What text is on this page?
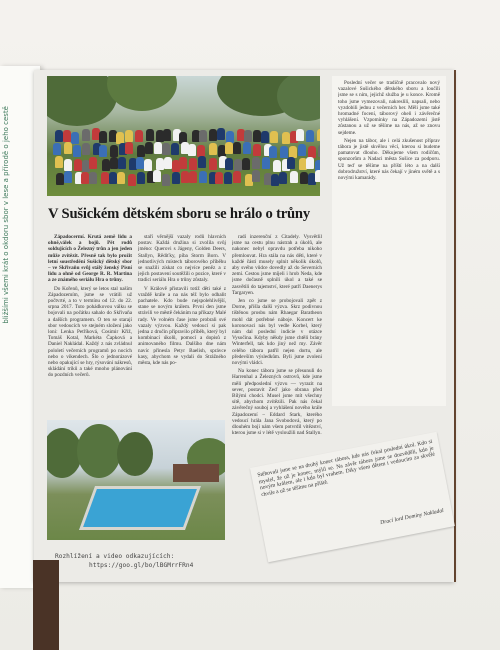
bližšími všemi krát o okdoru sbor v lese a přírodě o jeho cestě	V Sušickém dětském sboru se hrálo o trůny

Západocermí. Krutá země lidu a ohně,válek a bojů. Pět rodů soldujících o Železný trůn a jen jeden může zvítězit. Přesně tak bylo prožit letní soustředění Sušický dětský sbor – ve Skřivaňu svůj stálý ženský Pisní lidu a ohně od George R. R. Martina a ze známého seriálu Hra o trůny.

Do Kořenů, který se letos stal naším Západozemím, jsme se vrátili už počtvrté, a to v termínu od 12. do 22. srpna 2017. Tuto pohádkovou válku se bojovali na počátku sahalo do Skřivaňa a dalších programem. O ten se starají sbor vedoucích ve stejném složení jako loni: Lenka Petříková, Cosimir Křiž, Tomáš Kotal, Markéta Čapková a Daniel Nakládal. Každý z nás zvládnul pololetí večerních programů po nocích nebo o víkendech. Šlo o jednorázové nebo opakující se hry, rýsování nákresů, skládání triků a také mnoho plánování do pozdních večerů.

staří věrnější vazaly rodů hlavních postav. Každá družina si zvolila svůj jméno: Querovi s Jágeny, Golden Deers, Stallyn, Rědiťky, píba Storm Born. V jednotlivých místech táborového příběhu se snažili získat co nejvíce peněz a z jejich postavení soutěžili o pozice, které v tradici seriálu Hra o trůny zůstaly.

V Králově přistavili totiž děti také z vraždě krále a na nás též bylo odhalit pachatele. Kdo bude nejspolehlivější, stane se novým králem. První den jsme strávili ve městě čekáním na příkazy Malé rady. Ve volném čase jsme probrali své vazaly výzvou. Každý vedoucí si pak jedna z dručin připravilo příběh, který byl kombinací úkolů, pomocí a dopisů z animovaného filmu. Dalšího dne nám navíc přinesla Petyr Baelish, správce kasy, abychom se vydali do Strážného města, kde nás po-

radí inzerenční z Citadely. Vysvětlil jsme na cestu plnu nástrah a úkolů, ale nakonec nebyl opravdu potřeba nikoho přemlouvat. Hra stála na nás děti, které v každé části musely splnit několik úkolů, aby svého vůdce dovedly až do Severních zemí. Cestou jsme míjeli i hrob Neda, kde jsme dočasně splnili úkol a také se zasvětili do tajemství, které patří Daenerys Targaryen.

Jen co jsme se probojovali zpět z Dorne, přišla další výzva. Skrz podivnou tištěnou prosbu nám Rhaegar Baratheon mohl dát potřebné náboje. Koncert ke koronovaci nás byl vedle Korbel, který nám dal poslední indicie v otázce Vysočina. Kdyby někdy jsme chtěli brány Winterfell, tak kdo jiný než my. Závěr celého tábora patřil nejen dortu, ale především výsledkům. Byli jsme zvoleni novými vládci.

Na konec tábora jsme se přesunuli do Harrenhal a Železných ostrovů, kde jsme měli předposlední výzvu — vyrazit na sever, postavit Zeď jako obrana před Bílými chodci. Musel jsme mít všechny sítě, abychom zvítězili. Pak nás čekal závěrečný souboj a vyhlášení nového krále Západozemí – Eddard Stark, kterého vedoucí hrála Jana Svobodová, který po dlouhém boji nám všem potvrdil vítězství, kterou jsme si v létě vysloužili nad Stallyn.

Poslední večer se tradičně pracovalo nový vazalové Sušického dětského sboru a loučili jsme se s ním, jejichž služba je u konce. Kromě toho jsme vymezovali, nakreslili, napsali, nebo vyzdobili jednu z večerních her. Měli jsme také hromadné focení, táborový oheň i závěrečné vyhlášení. Vzpomínky na Západozemí jistě zůstanou a už se těšíme na nás, až se znovu sejdeme.

Nejen na tábor, ale i celá zkušenost příprav tábora je jistě skvělou věcí, kterou si budeme pamatovat dlouho. Děkujeme všem rodičům, sponzorům a Nadaci města Sušice za podporu. Už teď se těšíme na příští léto a na další dobrodružství, které nás čekají v jiném světě a s novými kamarády.

Stěhovali jsme se na druhý konec tábora, kde nás čekal poslední úkol. Kdo si myslel, že už je konec, mýlil se. Na závěr tábora jsme se dozvěděli, kdo je novým králem, ale i kdo byl vrahem. Díky všem dětem i vedoucím za skvělé chvíle a už se těšíme na příště.
Drací lord Dominy Nakladal
Rozhlížení a video odkazujících:
https://goo.gl/bo/lBGMrrFRn4
